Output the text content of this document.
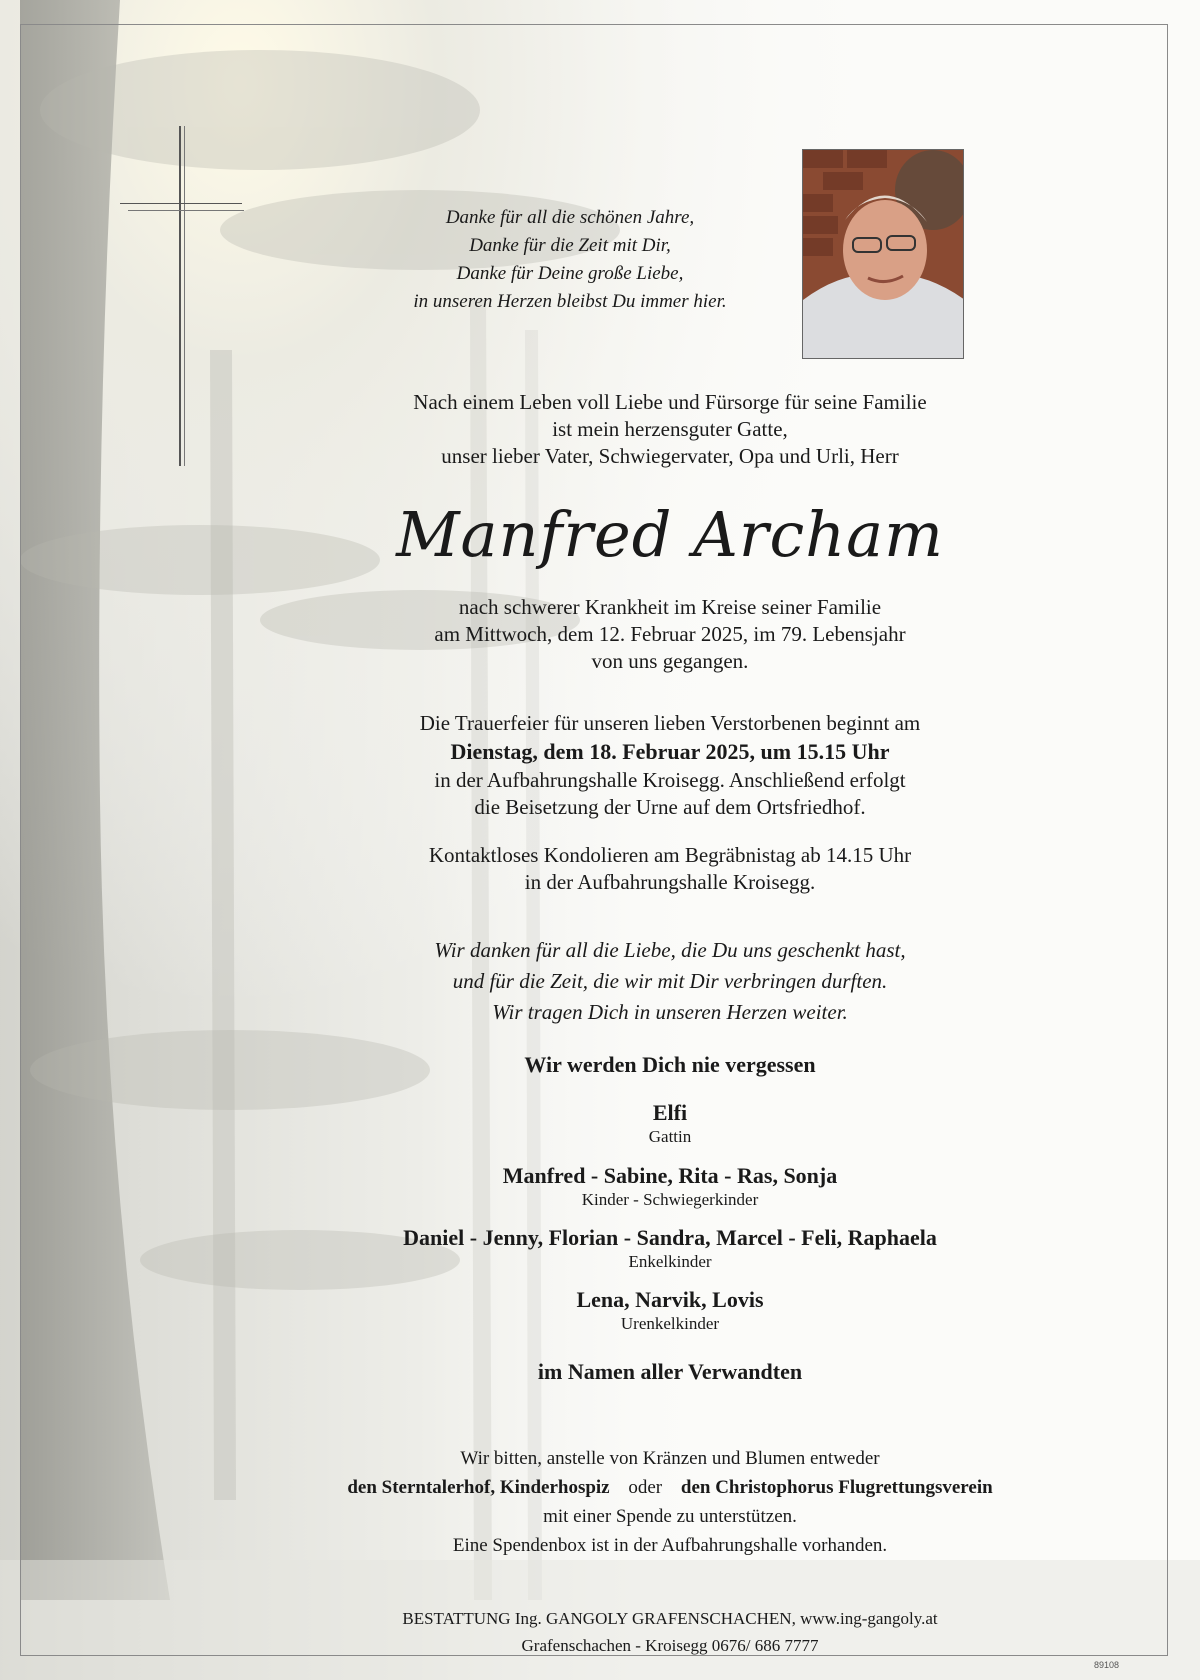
Danke für all die schönen Jahre,
Danke für die Zeit mit Dir,
Danke für Deine große Liebe,
in unseren Herzen bleibst Du immer hier.
Nach einem Leben voll Liebe und Fürsorge für seine Familie
ist mein herzensguter Gatte,
unser lieber Vater, Schwiegervater, Opa und Urli, Herr
Manfred Archam
nach schwerer Krankheit im Kreise seiner Familie
am Mittwoch, dem 12. Februar 2025, im 79. Lebensjahr
von uns gegangen.
Die Trauerfeier für unseren lieben Verstorbenen beginnt am
Dienstag, dem 18. Februar 2025, um 15.15 Uhr
in der Aufbahrungshalle Kroisegg. Anschließend erfolgt
die Beisetzung der Urne auf dem Ortsfriedhof.
Kontaktloses Kondolieren am Begräbnistag ab 14.15 Uhr
in der Aufbahrungshalle Kroisegg.
Wir danken für all die Liebe, die Du uns geschenkt hast,
und für die Zeit, die wir mit Dir verbringen durften.
Wir tragen Dich in unseren Herzen weiter.
Wir werden Dich nie vergessen
Elfi
Gattin
Manfred - Sabine, Rita - Ras, Sonja
Kinder - Schwiegerkinder
Daniel - Jenny, Florian - Sandra, Marcel - Feli, Raphaela
Enkelkinder
Lena, Narvik, Lovis
Urenkelkinder
im Namen aller Verwandten
Wir bitten, anstelle von Kränzen und Blumen entweder
den Sterntalerhof, Kinderhospiz oder den Christophorus Flugrettungsverein
mit einer Spende zu unterstützen.
Eine Spendenbox ist in der Aufbahrungshalle vorhanden.
BESTATTUNG Ing. GANGOLY GRAFENSCHACHEN, www.ing-gangoly.at
Grafenschachen - Kroisegg 0676/ 686 7777
89108
